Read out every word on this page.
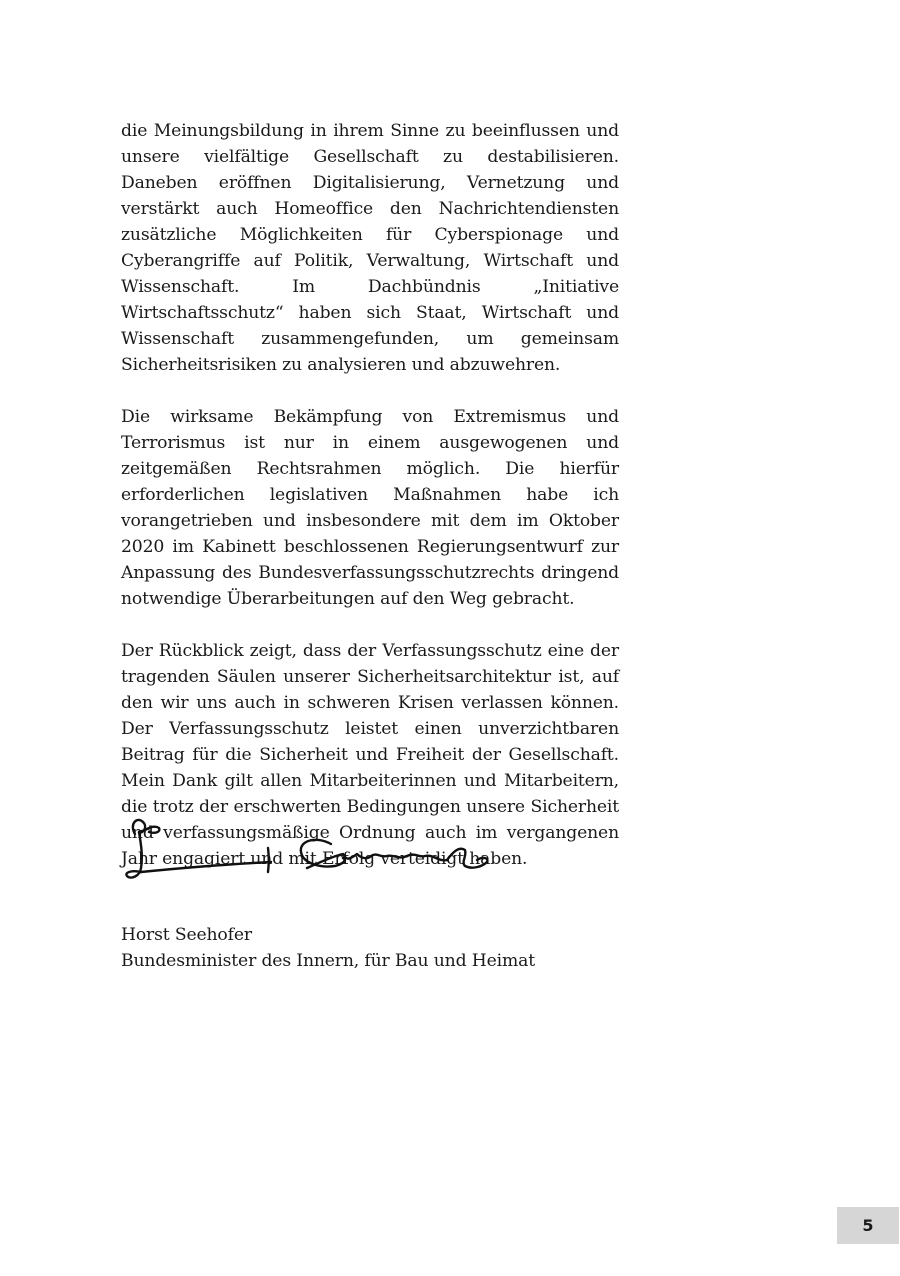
die Meinungsbildung in ihrem Sinne zu beeinflussen und unsere vielfältige Gesellschaft zu destabilisieren. Daneben eröffnen Digitalisierung, Vernetzung und verstärkt auch Homeoffice den Nachrichtendiensten zusätzliche Möglichkeiten für Cyberspionage und Cyberangriffe auf Politik, Verwaltung, Wirtschaft und Wissenschaft. Im Dachbündnis „Initiative Wirtschaftsschutz“ haben sich Staat, Wirtschaft und Wissenschaft zusammengefunden, um gemeinsam Sicherheitsrisiken zu analysieren und abzuwehren.

Die wirksame Bekämpfung von Extremismus und Terrorismus ist nur in einem ausgewogenen und zeitgemäßen Rechtsrahmen möglich. Die hierfür erforderlichen legislativen Maßnahmen habe ich vorangetrieben und insbesondere mit dem im Oktober 2020 im Kabinett beschlossenen Regierungsentwurf zur Anpassung des Bundesverfassungsschutzrechts dringend notwendige Überarbeitungen auf den Weg gebracht.

Der Rückblick zeigt, dass der Verfassungsschutz eine der tragenden Säulen unserer Sicherheitsarchitektur ist, auf den wir uns auch in schweren Krisen verlassen können. Der Verfassungsschutz leistet einen unverzichtbaren Beitrag für die Sicherheit und Freiheit der Gesellschaft. Mein Dank gilt allen Mitarbeiterinnen und Mitarbeitern, die trotz der erschwerten Bedingungen unsere Sicherheit und verfassungsmäßige Ordnung auch im vergangenen Jahr engagiert und mit Erfolg verteidigt haben.

Horst Seehofer
Bundesminister des Innern, für Bau und Heimat
5
